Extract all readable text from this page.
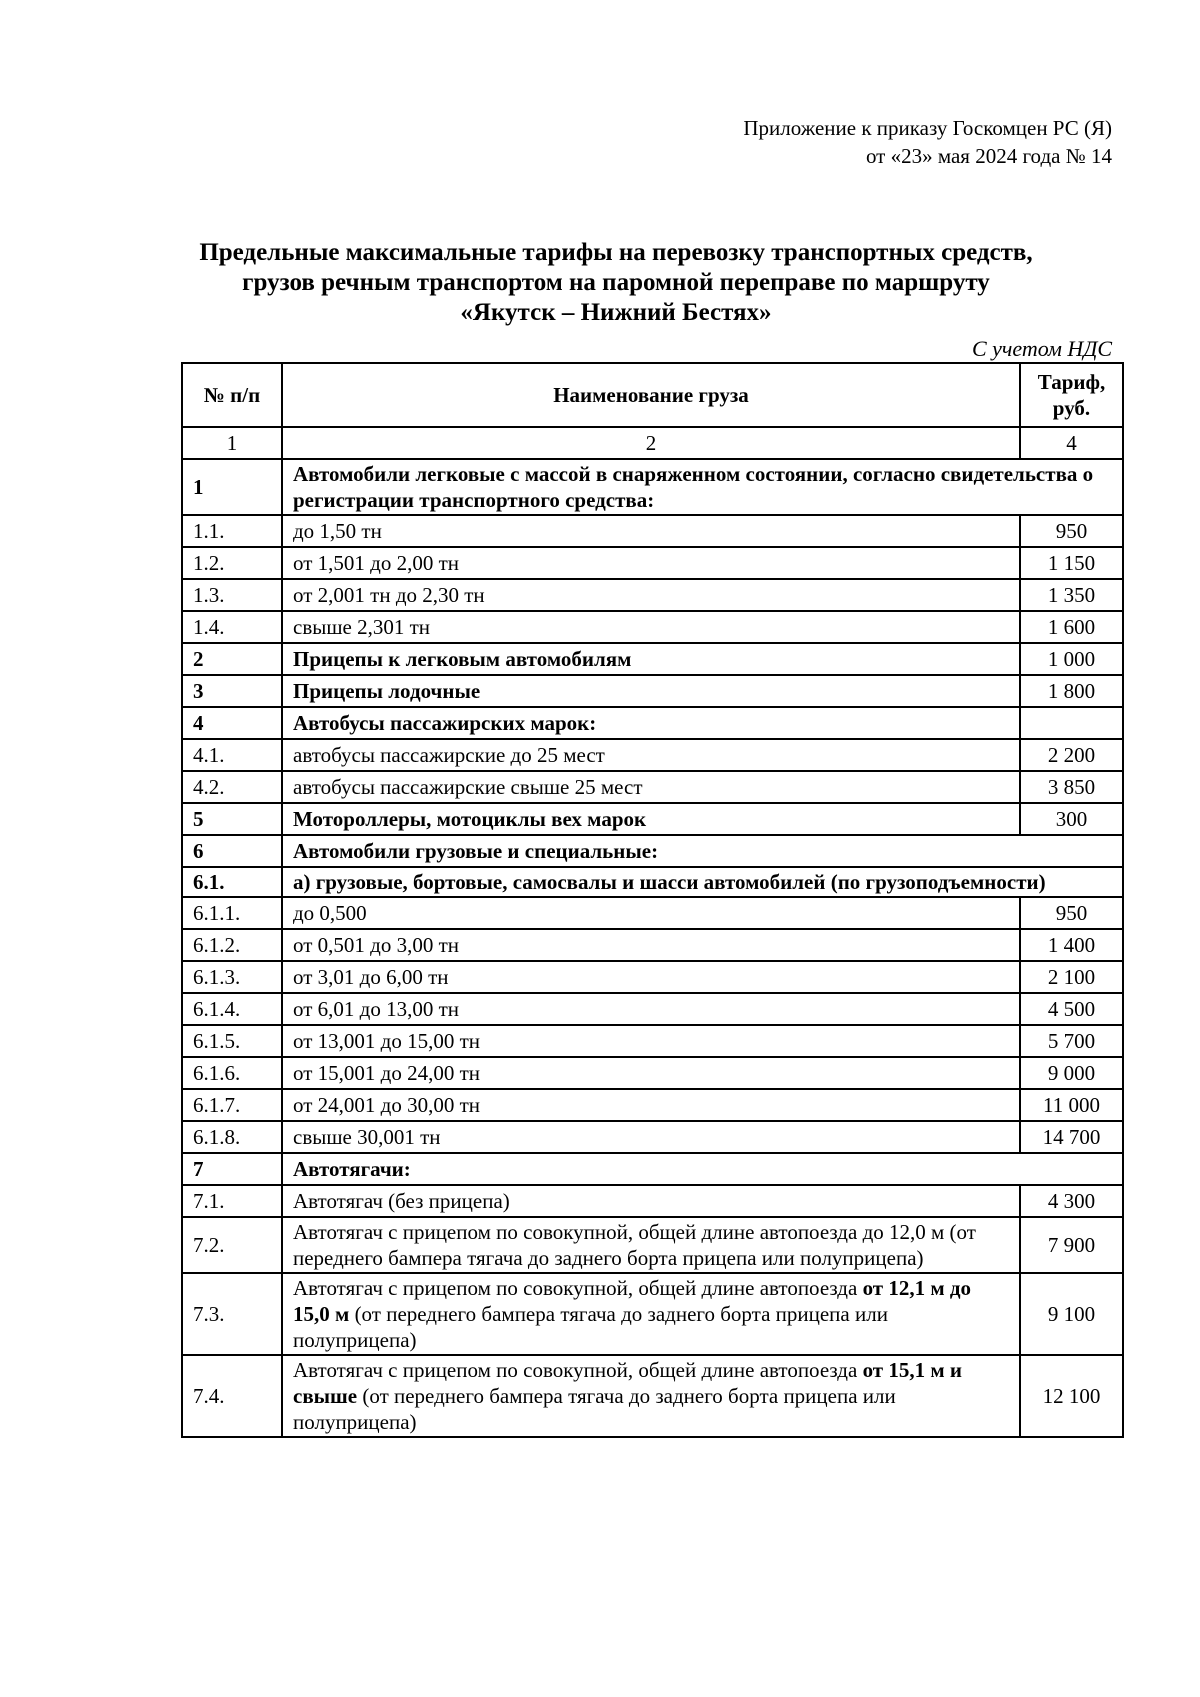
Приложение к приказу Госкомцен РС (Я)
от «23» мая 2024 года № 14
Предельные максимальные тарифы на перевозку транспортных средств,
грузов речным транспортом на паромной переправе по маршруту
«Якутск – Нижний Бестях»
С учетом НДС
№ п/п	Наименование груза	Тариф,
руб.

1	2	4
1	Автомобили легковые с массой в снаряженном состоянии, согласно свидетельства о регистрации транспортного средства:	
1.1.	до 1,50 тн	950
1.2.	от 1,501 до 2,00 тн	1 150
1.3.	от 2,001 тн до 2,30 тн	1 350
1.4.	свыше 2,301 тн	1 600
2	Прицепы к легковым автомобилям	1 000
3	Прицепы лодочные	1 800
4	Автобусы пассажирских марок:	
4.1.	автобусы пассажирские до 25 мест	2 200
4.2.	автобусы пассажирские свыше 25 мест	3 850
5	Мотороллеры, мотоциклы вех марок	300
6	Автомобили грузовые и специальные:	
6.1.	а) грузовые, бортовые, самосвалы и шасси автомобилей (по грузоподъемности)	
6.1.1.	до 0,500	950
6.1.2.	от 0,501 до 3,00 тн	1 400
6.1.3.	от 3,01 до 6,00 тн	2 100
6.1.4.	от 6,01 до 13,00 тн	4 500
6.1.5.	от 13,001 до 15,00 тн	5 700
6.1.6.	от 15,001 до 24,00 тн	9 000
6.1.7.	от 24,001 до 30,00 тн	11 000
6.1.8.	свыше 30,001 тн	14 700
7	Автотягачи:	
7.1.	Автотягач (без прицепа)	4 300
7.2.	Автотягач с прицепом по совокупной, общей длине автопоезда до 12,0 м (от переднего бампера тягача до заднего борта прицепа или полуприцепа)	7 900
7.3.	Автотягач с прицепом по совокупной, общей длине автопоезда от 12,1 м до 15,0 м (от переднего бампера тягача до заднего борта прицепа или полуприцепа)	9 100
7.4.	Автотягач с прицепом по совокупной, общей длине автопоезда от 15,1 м и свыше (от переднего бампера тягача до заднего борта прицепа или полуприцепа)	12 100
